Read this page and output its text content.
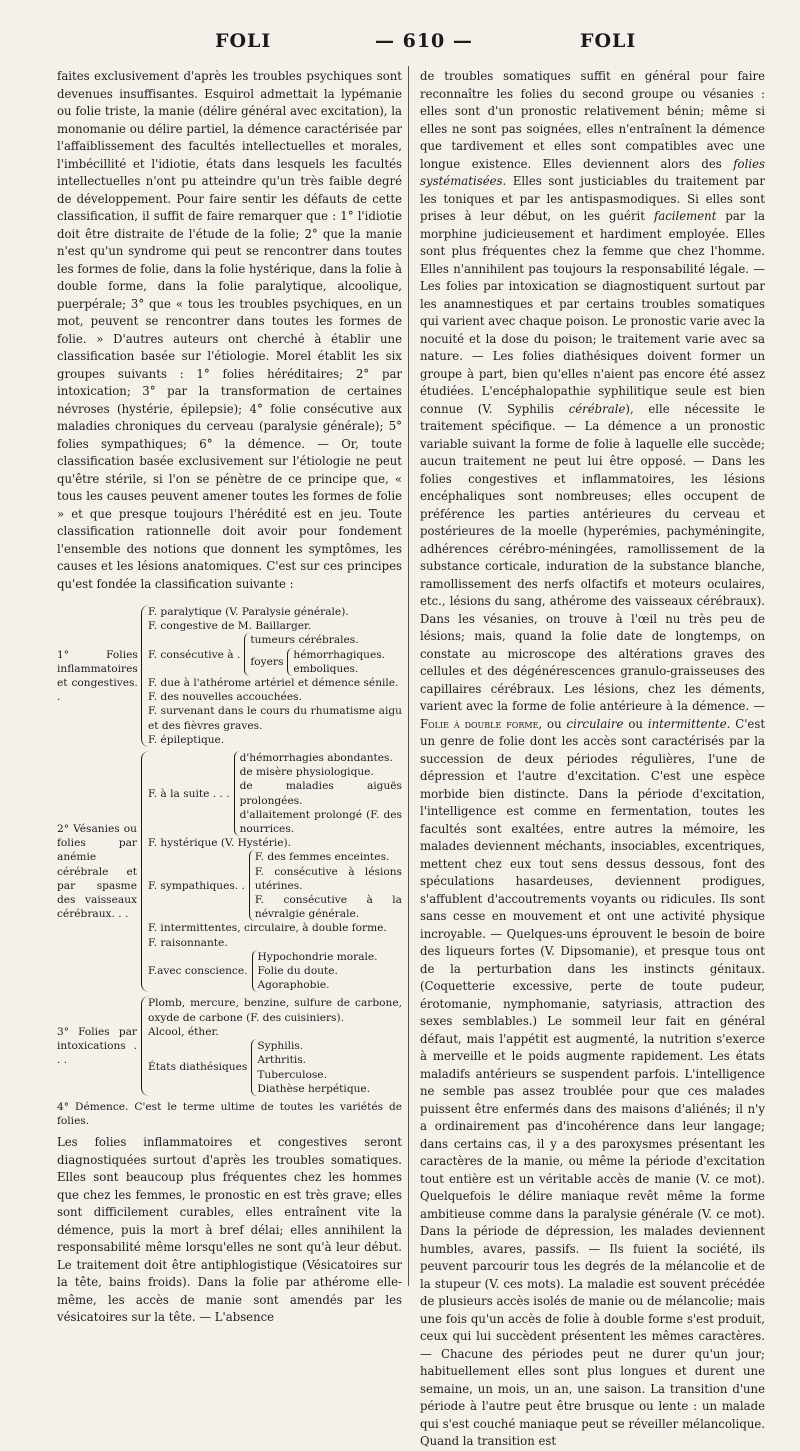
FOLI	— 610 —	FOLI

faites exclusivement d'après les troubles psychiques sont devenues insuffisantes. Esquirol admettait la lypémanie ou folie triste, la manie (délire général avec excitation), la monomanie ou délire partiel, la démence caractérisée par l'affaiblissement des facultés intellectuelles et morales, l'imbécillité et l'idiotie, états dans lesquels les facultés intellectuelles n'ont pu atteindre qu'un très faible degré de développement. Pour faire sentir les défauts de cette classification, il suffit de faire remarquer que : 1° l'idiotie doit être distraite de l'étude de la folie; 2° que la manie n'est qu'un syndrome qui peut se rencontrer dans toutes les formes de folie, dans la folie hystérique, dans la folie à double forme, dans la folie paralytique, alcoolique, puerpérale; 3° que « tous les troubles psychiques, en un mot, peuvent se rencontrer dans toutes les formes de folie. » D'autres auteurs ont cherché à établir une classification basée sur l'étiologie. Morel établit les six groupes suivants : 1° folies héréditaires; 2° par intoxication; 3° par la transformation de certaines névroses (hystérie, épilepsie); 4° folie consécutive aux maladies chroniques du cerveau (paralysie générale); 5° folies sympathiques; 6° la démence. — Or, toute classification basée exclusivement sur l'étiologie ne peut qu'être stérile, si l'on se pénètre de ce principe que, « tous les causes peuvent amener toutes les formes de folie » et que presque toujours l'hérédité est en jeu. Toute classification rationnelle doit avoir pour fondement l'ensemble des notions que donnent les symptômes, les causes et les lésions anatomiques. C'est sur ces principes qu'est fondée la classification suivante :

1° Folies inflammatoires et congestives. .
F. paralytique (V. Paralysie générale).
F. congestive de M. Baillarger.
F. consécutive à .
tumeurs cérébrales.
foyers
hémorrhagiques.
emboliques.
F. due à l'athérome artériel et démence sénile.
F. des nouvelles accouchées.
F. survenant dans le cours du rhumatisme aigu et des fièvres graves.
F. épileptique.
2° Vésanies ou folies par anémie cérébrale et par spasme des vaisseaux cérébraux. . .
F. à la suite . . .
d'hémorrhagies abondantes.
de misère physiologique.
de maladies aiguës prolongées.
d'allaitement prolongé (F. des nourrices.
F. hystérique (V. Hystérie).
F. sympathiques. .
F. des femmes enceintes.
F. consécutive à lésions utérines.
F. consécutive à la névralgie générale.
F. intermittentes, circulaire, à double forme.
F. raisonnante.
F.avec conscience.
Hypochondrie morale.
Folie du doute.
Agoraphobie.
3° Folies par intoxications . . .
Plomb, mercure, benzine, sulfure de carbone, oxyde de carbone (F. des cuisiniers).
Alcool, éther.
États diathésiques
Syphilis.
Arthritis.
Tuberculose.
Diathèse herpétique.
4° Démence. C'est le terme ultime de toutes les variétés de folies.

Les folies inflammatoires et congestives seront diagnostiquées surtout d'après les troubles somatiques. Elles sont beaucoup plus fréquentes chez les hommes que chez les femmes, le pronostic en est très grave; elles sont difficilement curables, elles entraînent vite la démence, puis la mort à bref délai; elles annihilent la responsabilité même lorsqu'elles ne sont qu'à leur début. Le traitement doit être antiphlogistique (Vésicatoires sur la tête, bains froids). Dans la folie par athérome elle-même, les accès de manie sont amendés par les vésicatoires sur la tête. — L'absence

de troubles somatiques suffit en général pour faire reconnaître les folies du second groupe ou vésanies : elles sont d'un pronostic relativement bénin; même si elles ne sont pas soignées, elles n'entraînent la démence que tardivement et elles sont compatibles avec une longue existence. Elles deviennent alors des folies systématisées. Elles sont justiciables du traitement par les toniques et par les antispasmodiques. Si elles sont prises à leur début, on les guérit facilement par la morphine judicieusement et hardiment employée. Elles sont plus fréquentes chez la femme que chez l'homme. Elles n'annihilent pas toujours la responsabilité légale. — Les folies par intoxication se diagnostiquent surtout par les anamnestiques et par certains troubles somatiques qui varient avec chaque poison. Le pronostic varie avec la nocuité et la dose du poison; le traitement varie avec sa nature. — Les folies diathésiques doivent former un groupe à part, bien qu'elles n'aient pas encore été assez étudiées. L'encéphalopathie syphilitique seule est bien connue (V. Syphilis cérébrale), elle nécessite le traitement spécifique. — La démence a un pronostic variable suivant la forme de folie à laquelle elle succède; aucun traitement ne peut lui être opposé. — Dans les folies congestives et inflammatoires, les lésions encéphaliques sont nombreuses; elles occupent de préférence les parties antérieures du cerveau et postérieures de la moelle (hyperémies, pachyméningite, adhérences cérébro-méningées, ramollissement de la substance corticale, induration de la substance blanche, ramollissement des nerfs olfactifs et moteurs oculaires, etc., lésions du sang, athérome des vaisseaux cérébraux). Dans les vésanies, on trouve à l'œil nu très peu de lésions; mais, quand la folie date de longtemps, on constate au microscope des altérations graves des cellules et des dégénérescences granulo-graisseuses des capillaires cérébraux. Les lésions, chez les déments, varient avec la forme de folie antérieure à la démence. — Folie à double forme, ou circulaire ou intermittente. C'est un genre de folie dont les accès sont caractérisés par la succession de deux périodes régulières, l'une de dépression et l'autre d'excitation. C'est une espèce morbide bien distincte. Dans la période d'excitation, l'intelligence est comme en fermentation, toutes les facultés sont exaltées, entre autres la mémoire, les malades deviennent méchants, insociables, excentriques, mettent chez eux tout sens dessus dessous, font des spéculations hasardeuses, deviennent prodigues, s'affublent d'accoutrements voyants ou ridicules. Ils sont sans cesse en mouvement et ont une activité physique incroyable. — Quelques-uns éprouvent le besoin de boire des liqueurs fortes (V. Dipsomanie), et presque tous ont de la perturbation dans les instincts génitaux. (Coquetterie excessive, perte de toute pudeur, érotomanie, nymphomanie, satyriasis, attraction des sexes semblables.) Le sommeil leur fait en général défaut, mais l'appétit est augmenté, la nutrition s'exerce à merveille et le poids augmente rapidement. Les états maladifs antérieurs se suspendent parfois. L'intelligence ne semble pas assez troublée pour que ces malades puissent être enfermés dans des maisons d'aliénés; il n'y a ordinairement pas d'incohérence dans leur langage; dans certains cas, il y a des paroxysmes présentant les caractères de la manie, ou même la période d'excitation tout entière est un véritable accès de manie (V. ce mot). Quelquefois le délire maniaque revêt même la forme ambitieuse comme dans la paralysie générale (V. ce mot). Dans la période de dépression, les malades deviennent humbles, avares, passifs. — Ils fuient la société, ils peuvent parcourir tous les degrés de la mélancolie et de la stupeur (V. ces mots). La maladie est souvent précédée de plusieurs accès isolés de manie ou de mélancolie; mais une fois qu'un accès de folie à double forme s'est produit, ceux qui lui succèdent présentent les mêmes caractères. — Chacune des périodes peut ne durer qu'un jour; habituellement elles sont plus longues et durent une semaine, un mois, un an, une saison. La transition d'une période à l'autre peut être brusque ou lente : un malade qui s'est couché maniaque peut se réveiller mélancolique. Quand la transition est
